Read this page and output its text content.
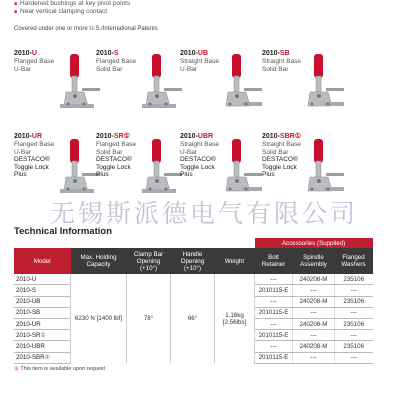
■ Hardened bushings at key pivot points
■ Near vertical clamping contact
Covered under one or more U.S./International Patents
2010-U
Flanged Base
U-Bar
2010-S
Flanged Base
Solid Bar
2010-UB
Straight Base
U-Bar
2010-SB
Straight Base
Solid Bar
2010-UR
Flanged Base
U-Bar
DESTACO®
Toggle Lock
Plus
2010-SR①
Flanged Base
Solid Bar
DESTACO®
Toggle Lock
Plus
2010-UBR
Straight Base
U-Bar
DESTACO®
Toggle Lock
Plus
2010-SBR①
Straight Base
Solid Bar
DESTACO®
Toggle Lock
Plus
无锡斯派德电气有限公司
Technical Information
					Accessories (Supplied)		
Model	Max. Holding Capacity	Clamp Bar Opening (+10°)	Handle Opening (+10°)	Weight	Bolt Retainer	Spindle Assembly	Flanged Washers
2010-U	6230 N [1400 lbf]	78°	66°	1,16kg [2.56lbs]	---	240208-M	235106
2010-S					2010115-E	---	---
2010-UB					---	240208-M	235106
2010-SB					2010115-E	---	---
2010-UR					---	240208-M	235106
2010-SR①					2010115-E	---	---
2010-UBR					---	240208-M	235106
2010-SBR①					2010115-E	---	---
① This item is available upon request
